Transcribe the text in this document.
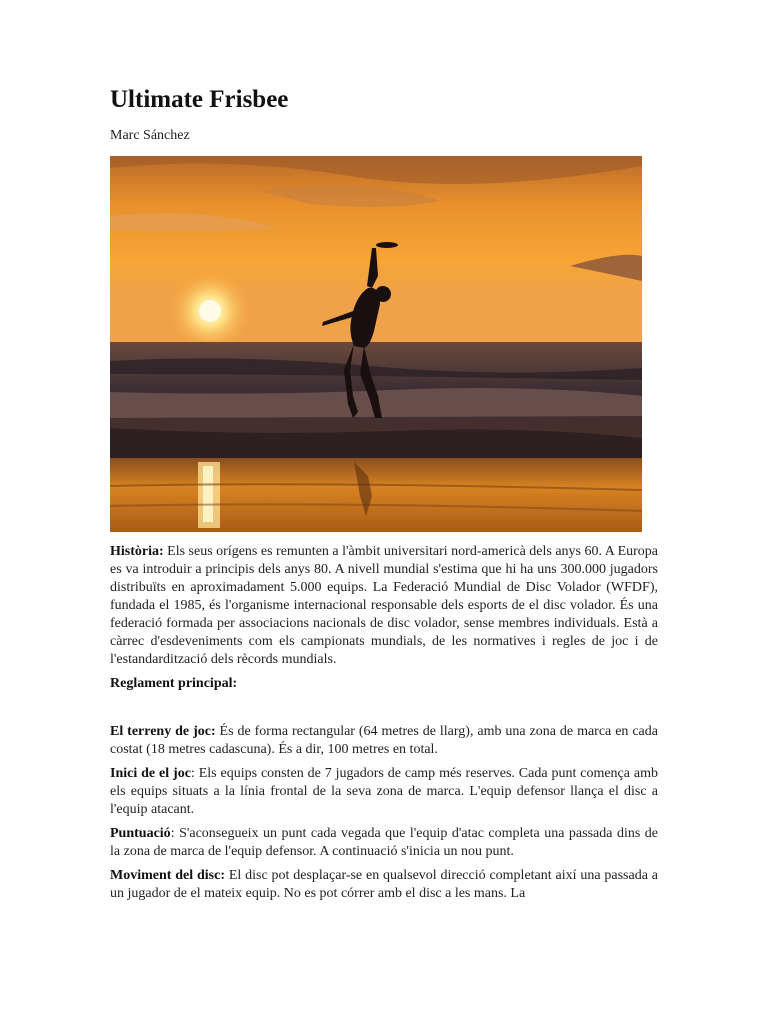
Ultimate Frisbee
Marc Sánchez

Història: Els seus orígens es remunten a l'àmbit universitari nord-americà dels anys 60. A Europa es va introduir a principis dels anys 80. A nivell mundial s'estima que hi ha uns 300.000 jugadors distribuïts en aproximadament 5.000 equips. La Federació Mundial de Disc Volador (WFDF), fundada el 1985, és l'organisme internacional responsable dels esports de el disc volador. És una federació formada per associacions nacionals de disc volador, sense membres individuals. Està a càrrec d'esdeveniments com els campionats mundials, de les normatives i regles de joc i de l'estandardització dels rècords mundials.

Reglament principal:

El terreny de joc: És de forma rectangular (64 metres de llarg), amb una zona de marca en cada costat (18 metres cadascuna). És a dir, 100 metres en total.

Inici de el joc: Els equips consten de 7 jugadors de camp més reserves. Cada punt comença amb els equips situats a la línia frontal de la seva zona de marca. L'equip defensor llança el disc a l'equip atacant.

Puntuació: S'aconsegueix un punt cada vegada que l'equip d'atac completa una passada dins de la zona de marca de l'equip defensor. A continuació s'inicia un nou punt.

Moviment del disc: El disc pot desplaçar-se en qualsevol direcció completant així una passada a un jugador de el mateix equip. No es pot córrer amb el disc a les mans. La
